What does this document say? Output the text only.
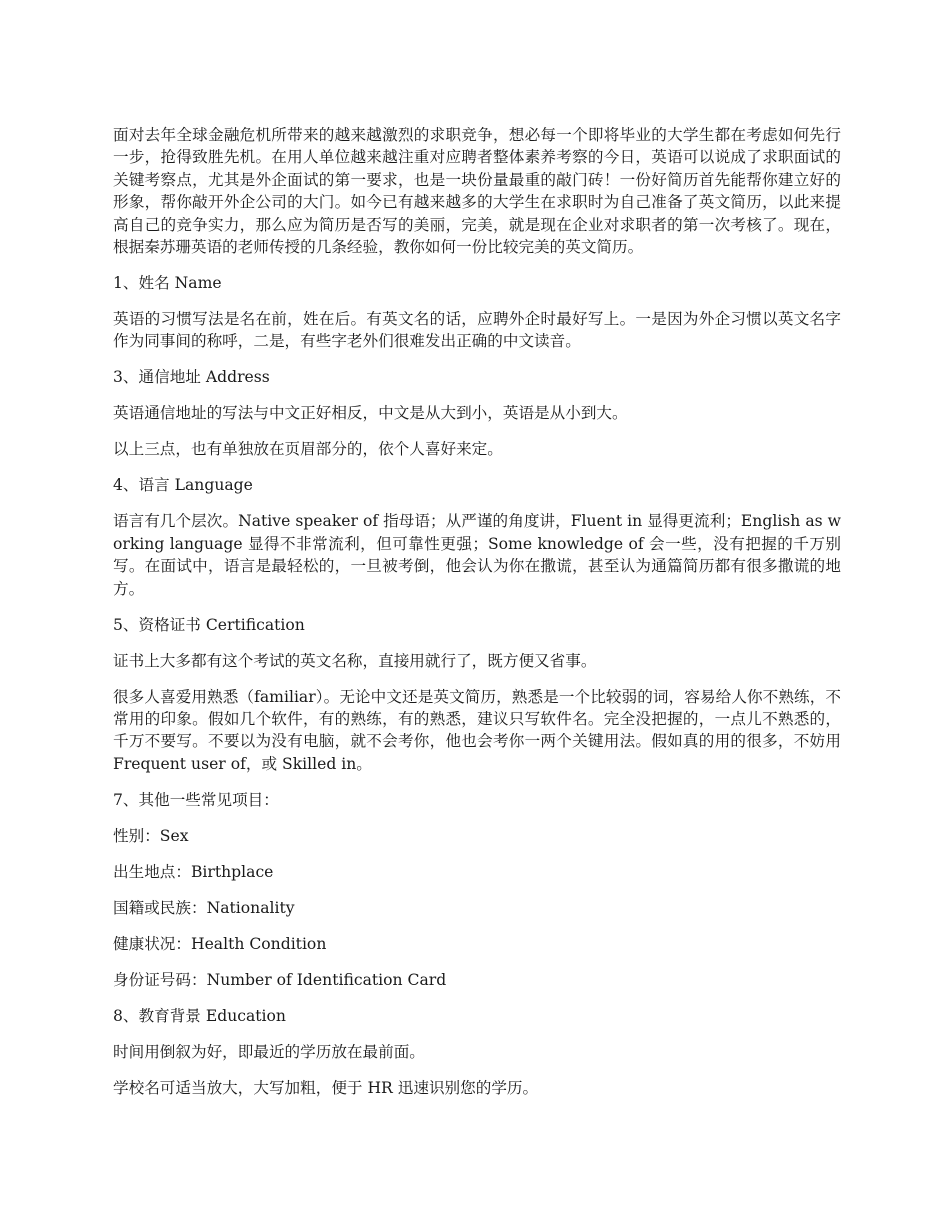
面对去年全球金融危机所带来的越来越激烈的求职竞争，想必每一个即将毕业的大学生都在考虑如何先行一步，抢得致胜先机。在用人单位越来越注重对应聘者整体素养考察的今日，英语可以说成了求职面试的关键考察点，尤其是外企面试的第一要求，也是一块份量最重的敲门砖！一份好简历首先能帮你建立好的形象，帮你敲开外企公司的大门。如今已有越来越多的大学生在求职时为自己准备了英文简历，以此来提高自己的竞争实力，那么应为简历是否写的美丽，完美，就是现在企业对求职者的第一次考核了。现在，根据秦苏珊英语的老师传授的几条经验，教你如何一份比较完美的英文简历。

1、姓名 Name

英语的习惯写法是名在前，姓在后。有英文名的话，应聘外企时最好写上。一是因为外企习惯以英文名字作为同事间的称呼，二是，有些字老外们很难发出正确的中文读音。

3、通信地址 Address

英语通信地址的写法与中文正好相反，中文是从大到小，英语是从小到大。

以上三点，也有单独放在页眉部分的，依个人喜好来定。

4、语言 Language

语言有几个层次。Native speaker of 指母语；从严谨的角度讲，Fluent in 显得更流利；English as working language 显得不非常流利，但可靠性更强；Some knowledge of 会一些，没有把握的千万别写。在面试中，语言是最轻松的，一旦被考倒，他会认为你在撒谎，甚至认为通篇简历都有很多撒谎的地方。

5、资格证书 Certification

证书上大多都有这个考试的英文名称，直接用就行了，既方便又省事。

很多人喜爱用熟悉（familiar）。无论中文还是英文简历，熟悉是一个比较弱的词，容易给人你不熟练，不常用的印象。假如几个软件，有的熟练，有的熟悉，建议只写软件名。完全没把握的，一点儿不熟悉的，千万不要写。不要以为没有电脑，就不会考你，他也会考你一两个关键用法。假如真的用的很多，不妨用 Frequent user of，或 Skilled in。

7、其他一些常见项目：

性别：Sex

出生地点：Birthplace

国籍或民族：Nationality

健康状况：Health Condition

身份证号码：Number of Identification Card

8、教育背景 Education

时间用倒叙为好，即最近的学历放在最前面。

学校名可适当放大，大写加粗，便于 HR 迅速识别您的学历。
